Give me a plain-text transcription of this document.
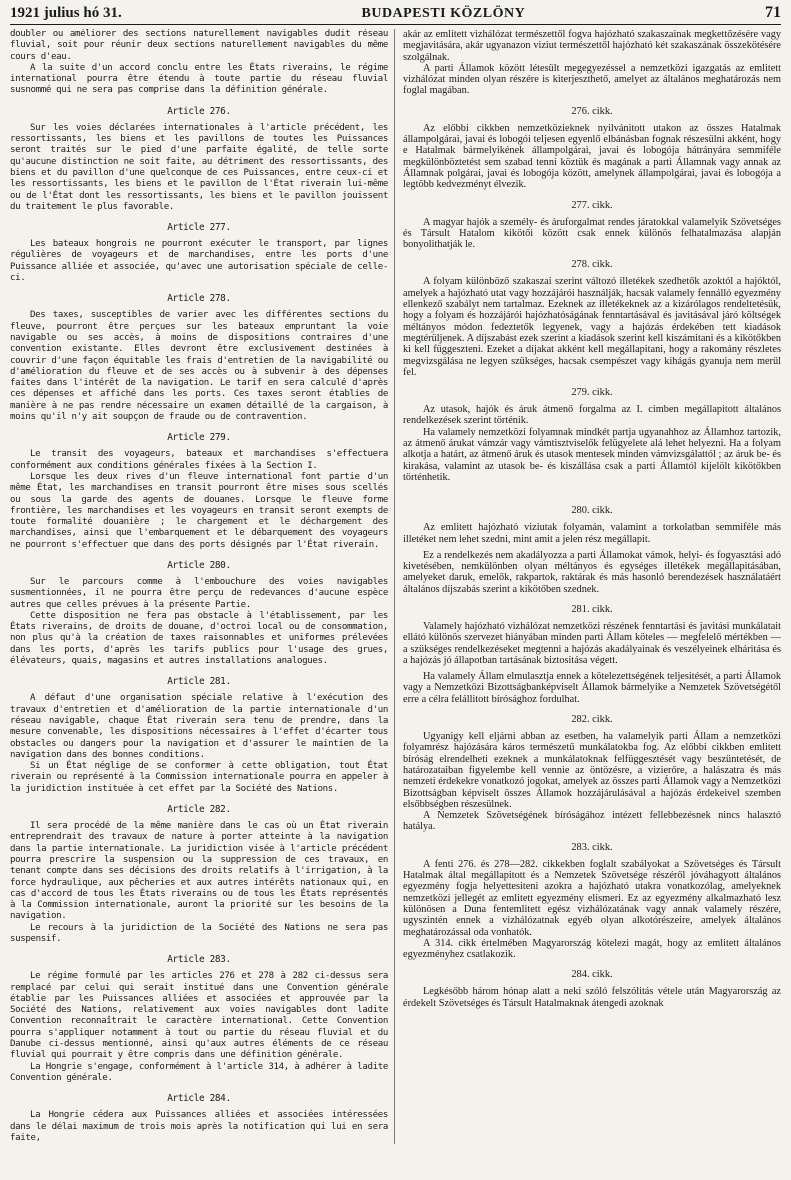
1921 julius hó 31.	BUDAPESTI KÖZLÖNY	71

doubler ou améliorer des sections naturellement navigables dudit réseau fluvial, soit pour réunir deux sections naturellement navigables du même cours d'eau.

A la suite d'un accord conclu entre les États riverains, le régime international pourra être étendu à toute partie du réseau fluvial susnommé qui ne sera pas comprise dans la définition générale.

Article 276.

Sur les voies déclarées internationales à l'article précédent, les ressortissants, les biens et les pavillons de toutes les Puissances seront traités sur le pied d'une parfaite égalité, de telle sorte qu'aucune distinction ne soit faite, au détriment des ressortissants, des biens et du pavillon d'une quelconque de ces Puissances, entre ceux-ci et les ressortissants, les biens et le pavillon de l'État riverain lui-même ou de l'État dont les ressortissants, les biens et le pavillon jouissent du traitement le plus favorable.

Article 277.

Les bateaux hongrois ne pourront exécuter le transport, par lignes régulières de voyageurs et de marchandises, entre les ports d'une Puissance alliée et associée, qu'avec une autorisation spéciale de celle-ci.

Article 278.

Des taxes, susceptibles de varier avec les différentes sections du fleuve, pourront être perçues sur les bateaux empruntant la voie navigable ou ses accès, à moins de dispositions contraires d'une convention existante. Elles devront être exclusivement destinées à couvrir d'une façon équitable les frais d'entretien de la navigabilité ou d'amélioration du fleuve et de ses accès ou à subvenir à des dépenses faites dans l'intérêt de la navigation. Le tarif en sera calculé d'après ces dépenses et affiché dans les ports. Ces taxes seront établies de manière à ne pas rendre nécessaire un examen détaillé de la cargaison, à moins qu'il n'y ait soupçon de fraude ou de contravention.

Article 279.

Le transit des voyageurs, bateaux et marchandises s'effectuera conformément aux conditions générales fixées à la Section I.

Lorsque les deux rives d'un fleuve international font partie d'un même État, les marchandises en transit pourront être mises sous scellés ou sous la garde des agents de douanes. Lorsque le fleuve forme frontière, les marchandises et les voyageurs en transit seront exempts de toute formalité douanière ; le chargement et le déchargement des marchandises, ainsi que l'embarquement et le débarquement des voyageurs ne pourront s'effectuer que dans des ports désignés par l'État riverain.

Article 280.

Sur le parcours comme à l'embouchure des voies navigables susmentionnées, il ne pourra être perçu de redevances d'aucune espèce autres que celles prévues à la présente Partie.

Cette disposition ne fera pas obstacle à l'établissement, par les États riverains, de droits de douane, d'octroi local ou de consommation, non plus qu'à la création de taxes raisonnables et uniformes prélevées dans les ports, d'après les tarifs publics pour l'usage des grues, élévateurs, quais, magasins et autres installations analogues.

Article 281.

A défaut d'une organisation spéciale relative à l'exécution des travaux d'entretien et d'amélioration de la partie internationale d'un réseau navigable, chaque État riverain sera tenu de prendre, dans la mesure convenable, les dispositions nécessaires à l'effet d'écarter tous obstacles ou dangers pour la navigation et d'assurer le maintien de la navigation dans des bonnes conditions.

Si un État néglige de se conformer à cette obligation, tout État riverain ou représenté à la Commission internationale pourra en appeler à la juridiction instituée à cet effet par la Société des Nations.

Article 282.

Il sera procédé de la même manière dans le cas où un État riverain entreprendrait des travaux de nature à porter atteinte à la navigation dans la partie internationale. La juridiction visée à l'article précédent pourra prescrire la suspension ou la suppression de ces travaux, en tenant compte dans ses décisions des droits relatifs à l'irrigation, à la force hydraulique, aux pêcheries et aux autres intérêts nationaux qui, en cas d'accord de tous les États riverains ou de tous les États représentés à la Commission internationale, auront la priorité sur les besoins de la navigation.

Le recours à la juridiction de la Société des Nations ne sera pas suspensif.

Article 283.

Le régime formulé par les articles 276 et 278 à 282 ci-dessus sera remplacé par celui qui serait institué dans une Convention générale établie par les Puissances alliées et associées et approuvée par la Société des Nations, relativement aux voies navigables dont ladite Convention reconnaîtrait le caractère international. Cette Convention pourra s'appliquer notamment à tout ou partie du réseau fluvial et du Danube ci-dessus mentionné, ainsi qu'aux autres éléments de ce réseau fluvial qui pourrait y être compris dans une définition générale.

La Hongrie s'engage, conformément à l'article 314, à adhérer à ladite Convention générale.

Article 284.

La Hongrie cédera aux Puissances alliées et associées intéressées dans le délai maximum de trois mois après la notification qui lui en sera faite,

akár az emlitett vizhálózat természettől fogva hajózható szakaszainak megkettőzésére vagy megjavitására, akár ugyanazon viziut természettől hajózható két szakaszának összekötésére szolgálnak.

A parti Államok között létesült megegyezéssel a nemzetközi igazgatás az emlitett vizhálózat minden olyan részére is kiterjeszthető, amelyet az általános meghatározás nem foglal magában.

276. cikk.

Az előbbi cikkben nemzetközieknek nyilvánitott utakon az összes Hatalmak állampolgárai, javai és lobogói teljesen egyenlő elbánásban fognak részesülni akként, hogy e Hatalmak bármelyikének állampolgárai, javai és lobogója hátrányára semmiféle megkülönböztetést sem szabad tenni köztük és magának a parti Államnak vagy annak az Államnak polgárai, javai és lobogója között, amelynek állampolgárai, javai és lobogója a legtöbb kedvezményt élvezik.

277. cikk.

A magyar hajók a személy- és áruforgalmat rendes járatokkal valamelyik Szövetséges és Társult Hatalom kikötői között csak ennek különös felhatalmazása alapján bonyolithatják le.

278. cikk.

A folyam különböző szakaszai szerint változó illetékek szedhetők azoktól a hajóktól, amelyek a hajózható utat vagy hozzájárói használják, hacsak valamely fennálló egyezmény ellenkező szabályt nem tartalmaz. Ezeknek az illetékeknek az a kizárólagos rendeltetésük, hogy a folyam és hozzájárói hajózhatóságának fenntartásával és javitásával járó költségek méltányos módon fedeztetők legyenek, vagy a hajózás érdekében tett kiadások megtérüljenek. A díjszabást ezek szerint a kiadások szerint kell kiszámitani és a kikötőkben ki kell függeszteni. Ezeket a díjakat akként kell megállapitani, hogy a rakomány részletes megvizsgálása ne legyen szükséges, hacsak csempészet vagy kihágás gyanuja nem merül fel.

279. cikk.

Az utasok, hajók és áruk átmenő forgalma az I. cimben megállapitott általános rendelkezések szerint történik.

Ha valamely nemzetközi folyamnak mindkét partja ugyanahhoz az Államhoz tartozik, az átmenő árukat vámzár vagy vámtisztviselők felügyelete alá lehet helyezni. Ha a folyam alkotja a határt, az átmenő áruk és utasok mentesek minden vámvizsgálattól ; az áruk be- és kirakása, valamint az utasok be- és kiszállása csak a parti Államtól kijelölt kikötőkben történhetik.

280. cikk.

Az emlitett hajózható viziutak folyamán, valamint a torkolatban semmiféle más illetéket nem lehet szedni, mint amit a jelen rész megállapit.

Ez a rendelkezés nem akadályozza a parti Államokat vámok, helyi- és fogyasztási adó kivetésében, nemkülönben olyan méltányos és egységes illetékek megállapitásában, amelyeket daruk, emelők, rakpartok, raktárak és más hasonló berendezések használatáért általános díjszabás szerint a kikötőben szednek.

281. cikk.

Valamely hajózható vizhálózat nemzetközi részének fenntartási és javitási munkálatait ellátó különös szervezet hiányában minden parti Állam köteles — megfelelő mértékben — a szükséges rendelkezéseket megtenni a hajózás akadályainak és veszélyeinek elháritása és a hajózás jó állapotban tartásának biztositása végett.

Ha valamely Állam elmulasztja ennek a kötelezettségének teljesitését, a parti Államok vagy a Nemzetközi Bizottságbanképviselt Államok bármelyike a Nemzetek Szövetségétől erre a célra felállitott bírósághoz fordulhat.

282. cikk.

Ugyanigy kell eljárni abban az esetben, ha valamelyik parti Állam a nemzetközi folyamrész hajózására káros természetű munkálatokba fog. Az előbbi cikkben emlitett bíróság elrendelheti ezeknek a munkálatoknak felfüggesztését vagy beszüntetését, de határozataiban figyelembe kell vennie az öntözésre, a vizierőre, a halászatra és más nemzeti érdekekre vonatkozó jogokat, amelyek az összes parti Államok vagy a Nemzetközi Bizottságban képviselt összes Államok hozzájárulásával a hajózás érdekeivel szemben elsőbbségben részesülnek.

A Nemzetek Szövetségének bíróságához intézett fellebbezésnek nincs halasztó hatálya.

283. cikk.

A fenti 276. és 278—282. cikkekben foglalt szabályokat a Szövetséges és Társult Hatalmak által megállapitott és a Nemzetek Szövetsége részéről jóváhagyott általános egyezmény fogja helyettesiteni azokra a hajózható utakra vonatkozólag, amelyeknek nemzetközi jellegét az emlitett egyezmény elismeri. Ez az egyezmény alkalmazható lesz különösen a Duna fentemlitett egész vizhálózatának vagy annak valamely részére, ugyszintén ennek a vizhálózatnak egyéb olyan alkotórészeire, amelyek általános meghatározással oda vonhatók.

A 314. cikk értelmében Magyarország kötelezi magát, hogy az emlitett általános egyezményhez csatlakozik.

284. cikk.

Legkésőbb három hónap alatt a neki szóló felszólitás vétele után Magyarország az érdekelt Szövetséges és Társult Hatalmaknak átengedi azoknak
